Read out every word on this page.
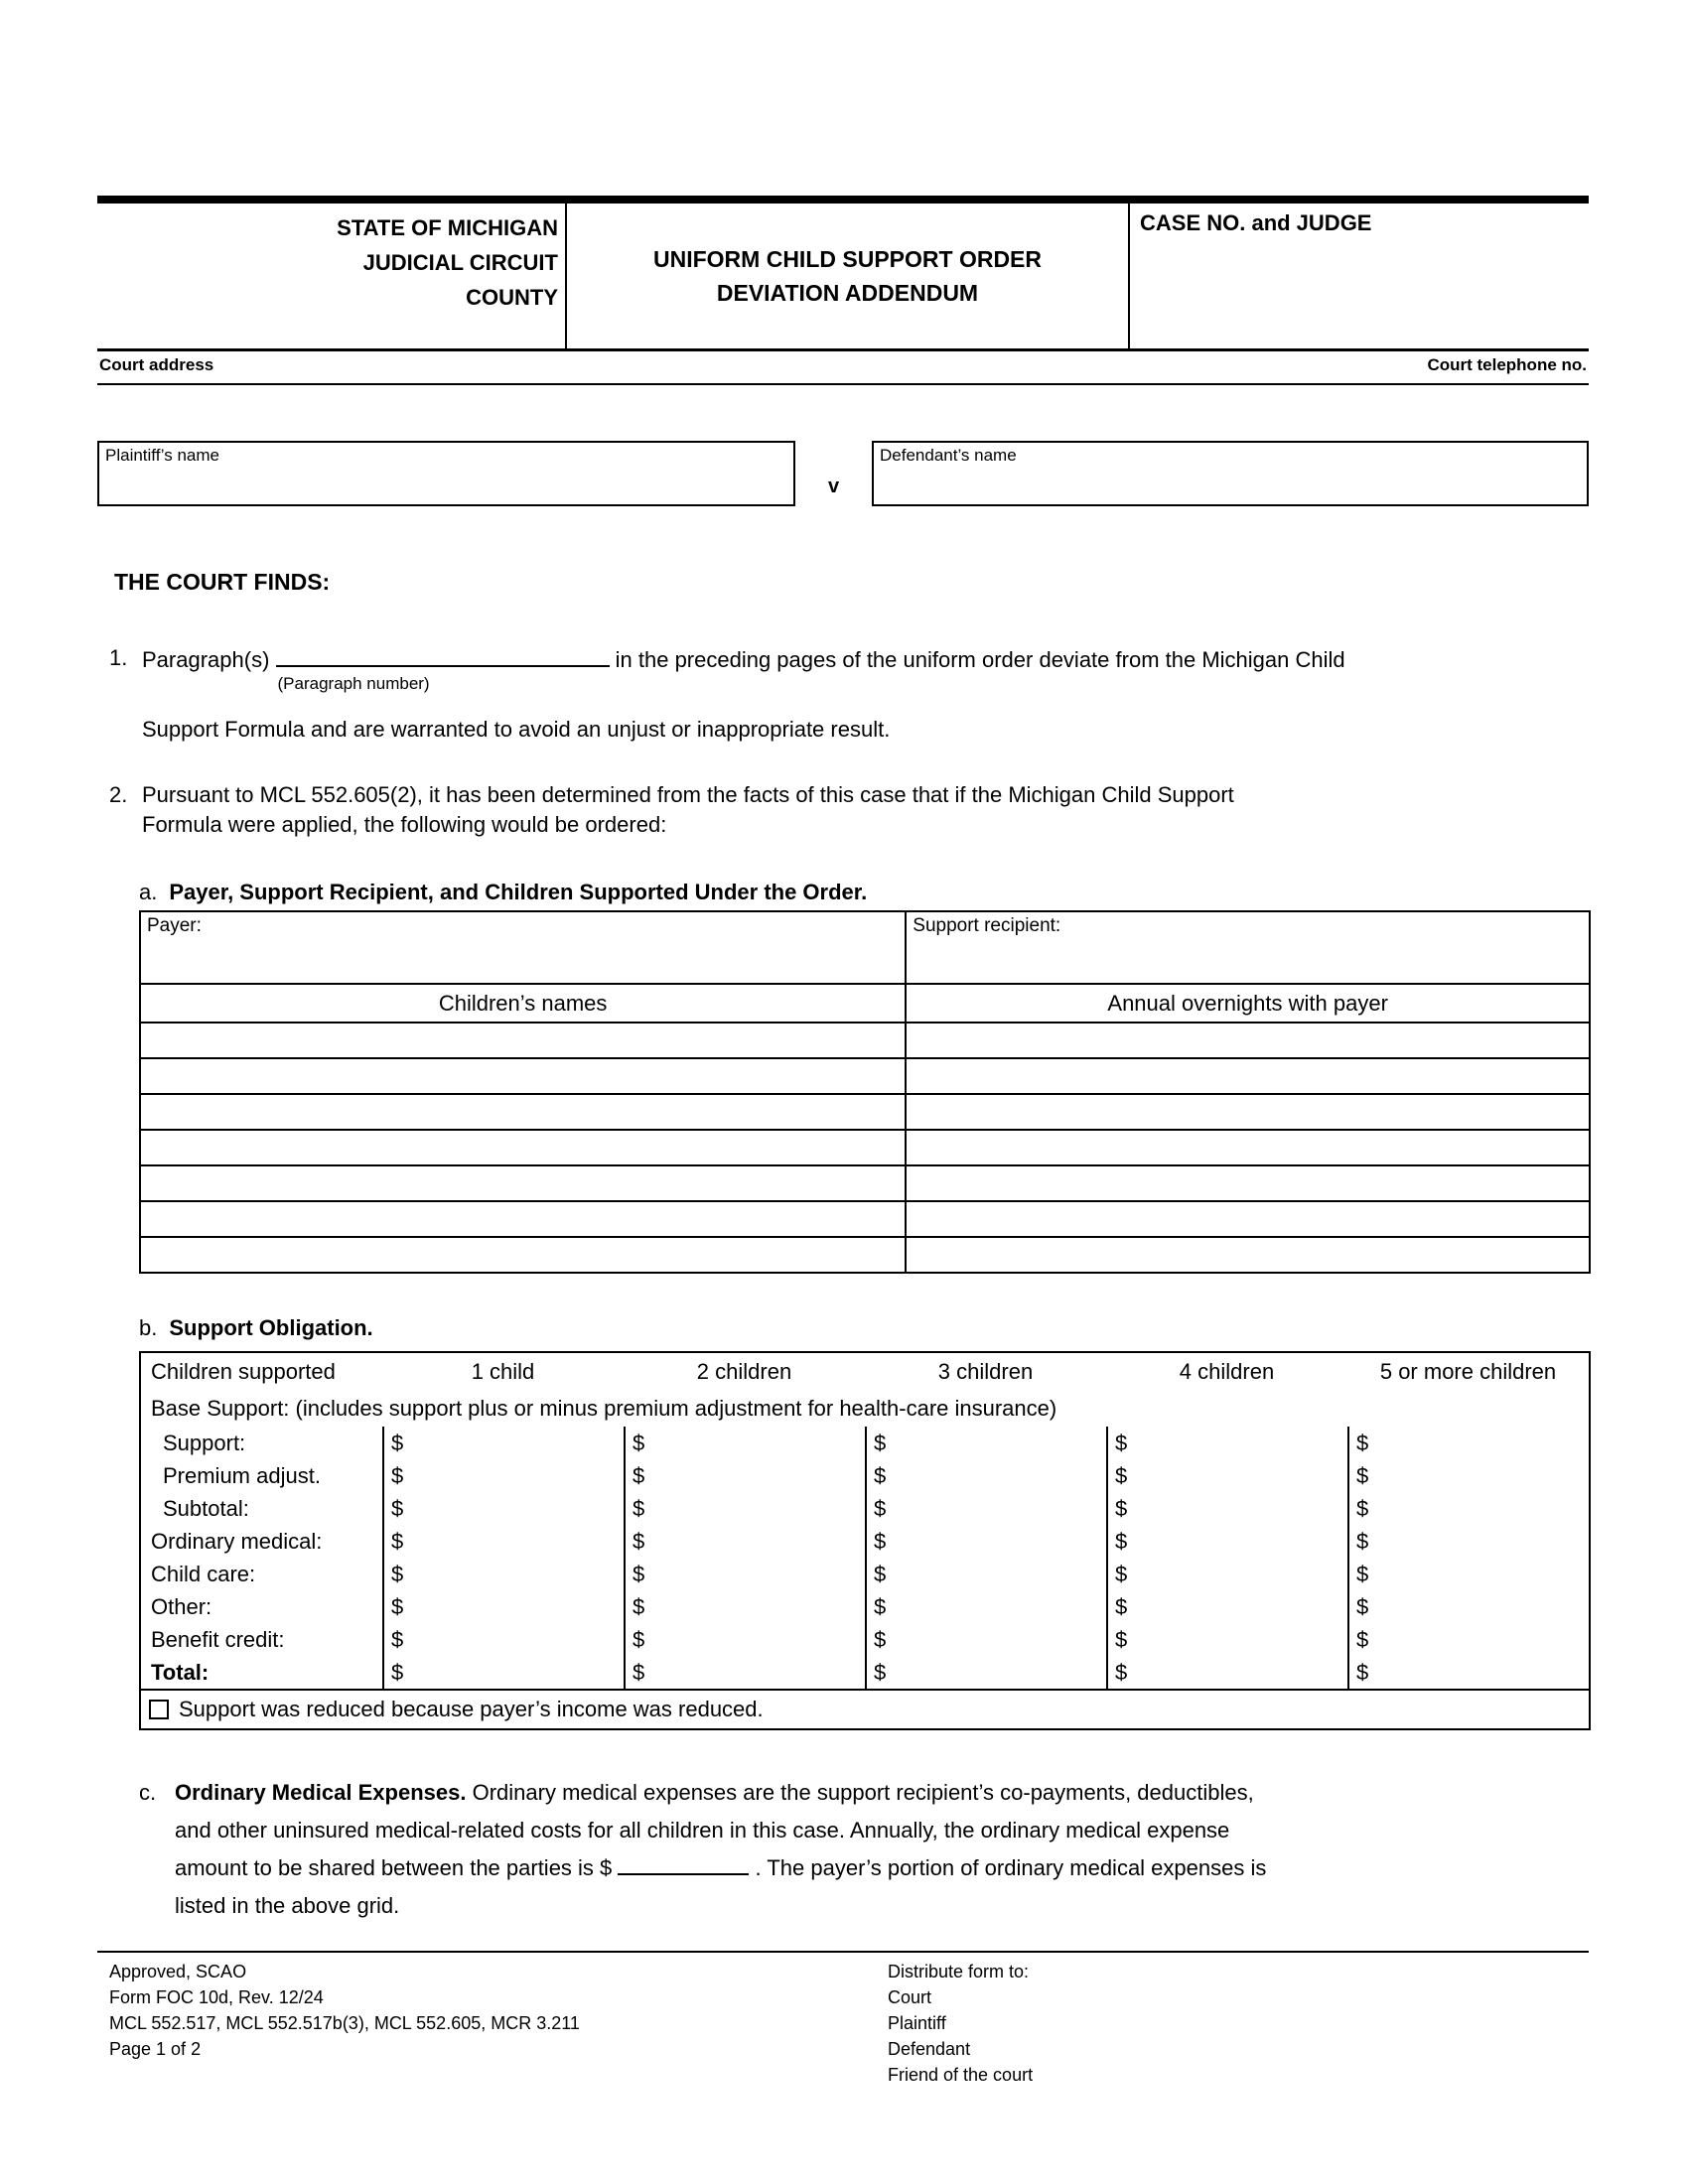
STATE OF MICHIGAN
JUDICIAL CIRCUIT
COUNTY
UNIFORM CHILD SUPPORT ORDER
DEVIATION ADDENDUM
CASE NO. and JUDGE
Court address	Court telephone no.
Plaintiff’s name
v
Defendant’s name
THE COURT FINDS:
1. Paragraph(s)
(Paragraph number)
in the preceding pages of the uniform order deviate from the Michigan Child
Support Formula and are warranted to avoid an unjust or inappropriate result.
2. Pursuant to MCL 552.605(2), it has been determined from the facts of this case that if the Michigan Child Support
Formula were applied, the following would be ordered:
a. Payer, Support Recipient, and Children Supported Under the Order.
Payer:	Support recipient:
Children’s names	Annual overnights with payer
b. Support Obligation.
Children supported	1 child	2 children	3 children	4 children	5 or more children
Base Support: (includes support plus or minus premium adjustment for health-care insurance)
Support:	$	$	$	$	$
Premium adjust.	$	$	$	$	$
Subtotal:	$	$	$	$	$
Ordinary medical:	$	$	$	$	$
Child care:	$	$	$	$	$
Other:	$	$	$	$	$
Benefit credit:	$	$	$	$	$
Total:	$	$	$	$	$
Support was reduced because payer’s income was reduced.
c. Ordinary Medical Expenses. Ordinary medical expenses are the support recipient’s co-payments, deductibles,
and other uninsured medical-related costs for all children in this case. Annually, the ordinary medical expense
amount to be shared between the parties is $	. The payer’s portion of ordinary medical expenses is
listed in the above grid.
Approved, SCAO
Form FOC 10d, Rev. 12/24
MCL 552.517, MCL 552.517b(3), MCL 552.605, MCR 3.211
Page 1 of 2
Distribute form to:
Court
Plaintiff
Defendant
Friend of the court
